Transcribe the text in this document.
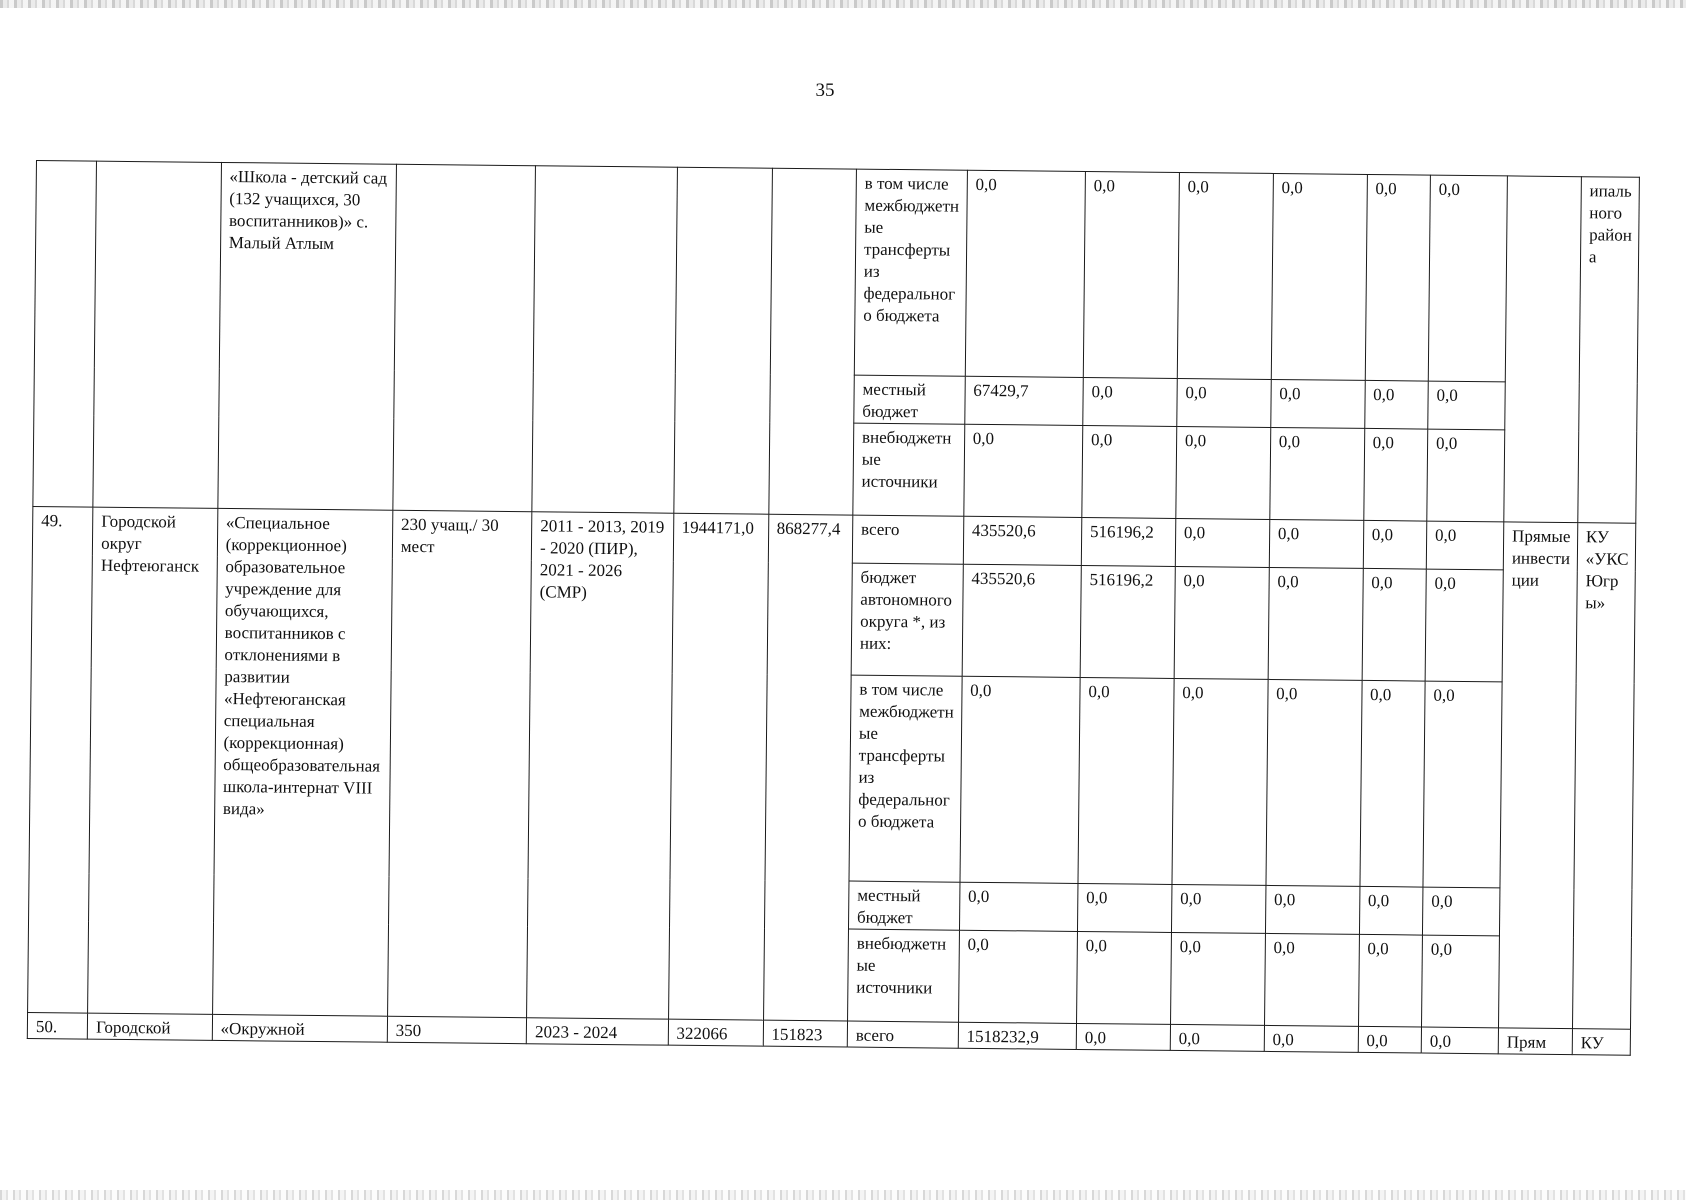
35
		«Школа - детский сад (132 учащихся, 30 воспитанников)» с. Малый Атлым					в том числе межбюджетные трансферты из федерального бюджета	0,0	0,0	0,0	0,0	0,0	0,0		ипального района
							местный бюджет	67429,7	0,0	0,0	0,0	0,0	0,0		
							внебюджетные источники	0,0	0,0	0,0	0,0	0,0	0,0		
49.	Городской округ Нефтеюганск	«Специальное (коррекционное) образовательное учреждение для обучающихся, воспитанников с отклонениями в развитии «Нефтеюганская специальная (коррекционная) общеобразовательная школа-интернат VIII вида»	230 учащ./ 30 мест	2011 - 2013, 2019 - 2020 (ПИР), 2021 - 2026 (СМР)	1944171,0	868277,4	всего	435520,6	516196,2	0,0	0,0	0,0	0,0	Прямые инвестиции	КУ «УКС Югры»
							бюджет автономного округа *, из них:	435520,6	516196,2	0,0	0,0	0,0	0,0		
							в том числе межбюджетные трансферты из федерального бюджета	0,0	0,0	0,0	0,0	0,0	0,0		
							местный бюджет	0,0	0,0	0,0	0,0	0,0	0,0		
							внебюджетные источники	0,0	0,0	0,0	0,0	0,0	0,0		
50.	Городской	«Окружной	350	2023 - 2024	322066	151823	всего	1518232,9	0,0	0,0	0,0	0,0	0,0	Прям	КУ
